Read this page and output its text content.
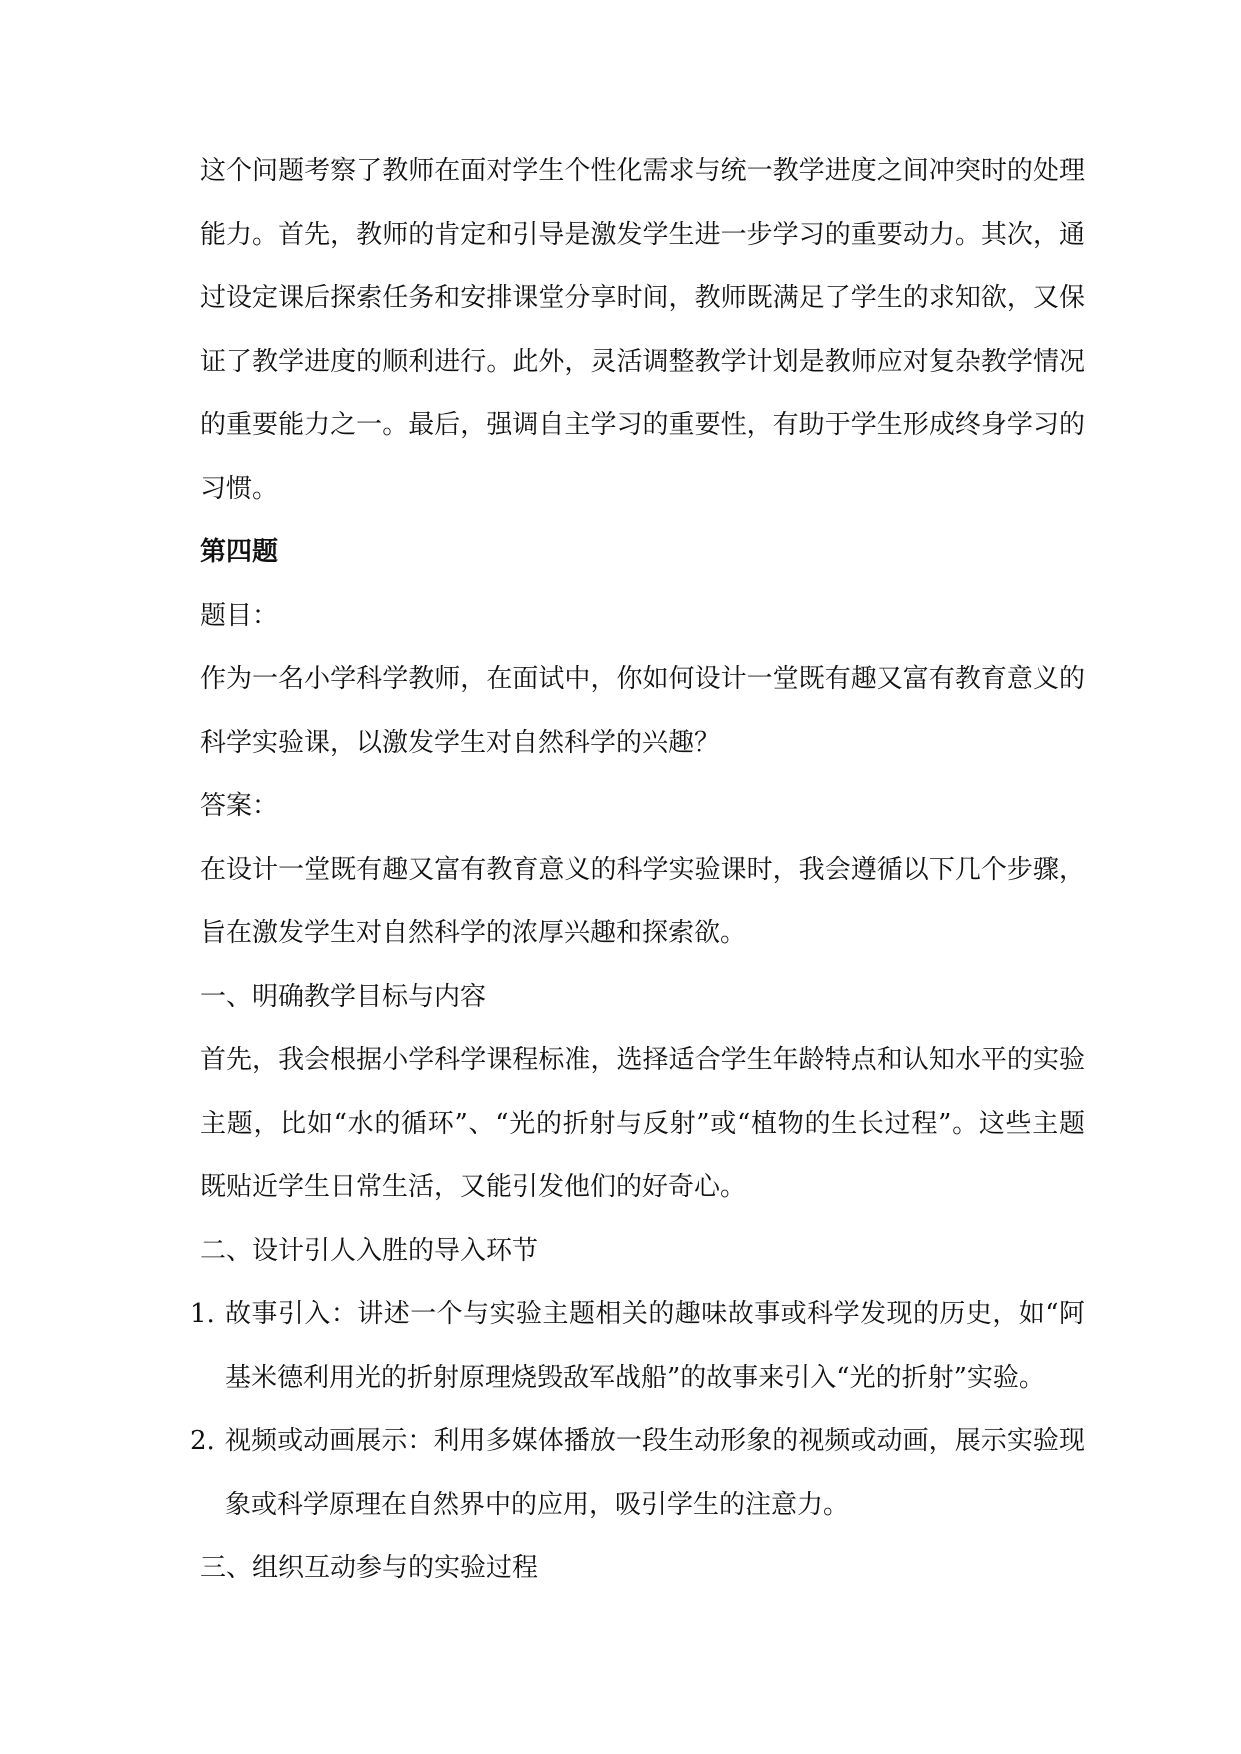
这个问题考察了教师在面对学生个性化需求与统一教学进度之间冲突时的处理能力。首先，教师的肯定和引导是激发学生进一步学习的重要动力。其次，通过设定课后探索任务和安排课堂分享时间，教师既满足了学生的求知欲，又保证了教学进度的顺利进行。此外，灵活调整教学计划是教师应对复杂教学情况的重要能力之一。最后，强调自主学习的重要性，有助于学生形成终身学习的习惯。

第四题

题目：

作为一名小学科学教师，在面试中，你如何设计一堂既有趣又富有教育意义的科学实验课，以激发学生对自然科学的兴趣？

答案：

在设计一堂既有趣又富有教育意义的科学实验课时，我会遵循以下几个步骤，旨在激发学生对自然科学的浓厚兴趣和探索欲。

一、明确教学目标与内容

首先，我会根据小学科学课程标准，选择适合学生年龄特点和认知水平的实验主题，比如“水的循环”、“光的折射与反射”或“植物的生长过程”。这些主题既贴近学生日常生活，又能引发他们的好奇心。

二、设计引人入胜的导入环节

1. 故事引入：讲述一个与实验主题相关的趣味故事或科学发现的历史，如“阿基米德利用光的折射原理烧毁敌军战船”的故事来引入“光的折射”实验。
2. 视频或动画展示：利用多媒体播放一段生动形象的视频或动画，展示实验现象或科学原理在自然界中的应用，吸引学生的注意力。

三、组织互动参与的实验过程
